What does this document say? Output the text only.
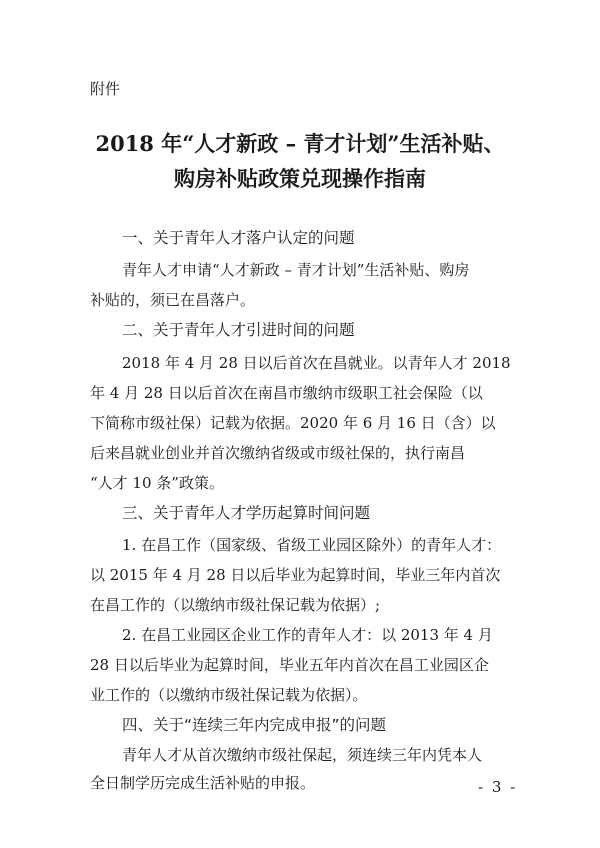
附件
2018 年“人才新政 – 青才计划”生活补贴、
购房补贴政策兑现操作指南
一、关于青年人才落户认定的问题
青年人才申请“人才新政 – 青才计划”生活补贴、购房
补贴的，须已在昌落户。
二、关于青年人才引进时间的问题
2018 年 4 月 28 日以后首次在昌就业。以青年人才 2018
年 4 月 28 日以后首次在南昌市缴纳市级职工社会保险（以
下简称市级社保）记载为依据。2020 年 6 月 16 日（含）以
后来昌就业创业并首次缴纳省级或市级社保的，执行南昌
“人才 10 条”政策。
三、关于青年人才学历起算时间问题
1. 在昌工作（国家级、省级工业园区除外）的青年人才：
以 2015 年 4 月 28 日以后毕业为起算时间，毕业三年内首次
在昌工作的（以缴纳市级社保记载为依据）;
2. 在昌工业园区企业工作的青年人才：以 2013 年 4 月
28 日以后毕业为起算时间，毕业五年内首次在昌工业园区企
业工作的（以缴纳市级社保记载为依据）。
四、关于“连续三年内完成申报”的问题
青年人才从首次缴纳市级社保起，须连续三年内凭本人
全日制学历完成生活补贴的申报。	- 3 -
